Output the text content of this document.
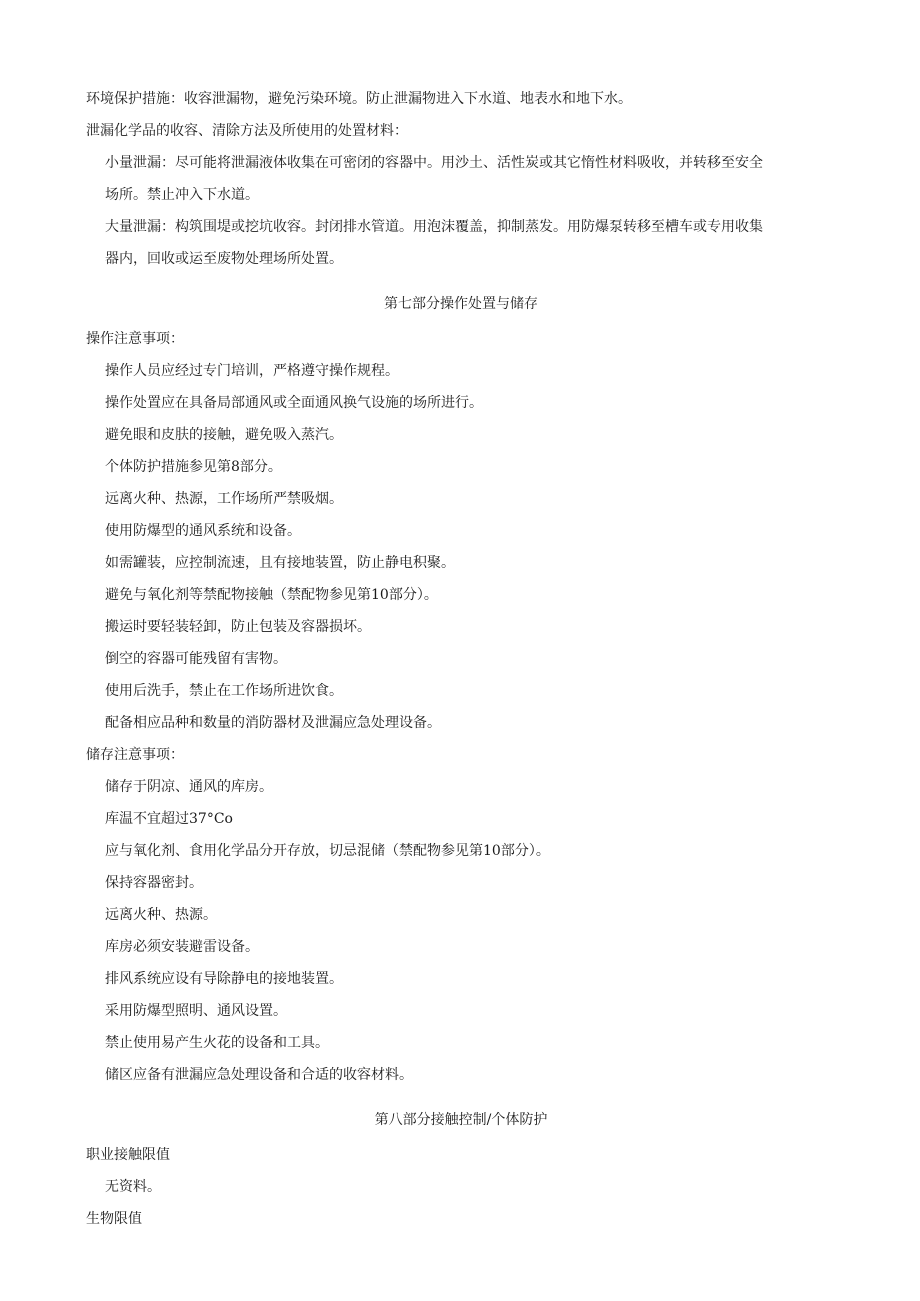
环境保护措施：收容泄漏物，避免污染环境。防止泄漏物进入下水道、地表水和地下水。
泄漏化学品的收容、清除方法及所使用的处置材料：
小量泄漏：尽可能将泄漏液体收集在可密闭的容器中。用沙土、活性炭或其它惰性材料吸收，并转移至安全
场所。禁止冲入下水道。
大量泄漏：构筑围堤或挖坑收容。封闭排水管道。用泡沫覆盖，抑制蒸发。用防爆泵转移至槽车或专用收集
器内，回收或运至废物处理场所处置。
第七部分操作处置与储存
操作注意事项：
操作人员应经过专门培训，严格遵守操作规程。
操作处置应在具备局部通风或全面通风换气设施的场所进行。
避免眼和皮肤的接触，避免吸入蒸汽。
个体防护措施参见第8部分。
远离火种、热源，工作场所严禁吸烟。
使用防爆型的通风系统和设备。
如需罐装，应控制流速，且有接地装置，防止静电积聚。
避免与氧化剂等禁配物接触（禁配物参见第10部分）。
搬运时要轻装轻卸，防止包装及容器损坏。
倒空的容器可能残留有害物。
使用后洗手，禁止在工作场所进饮食。
配备相应品种和数量的消防器材及泄漏应急处理设备。
储存注意事项：
储存于阴凉、通风的库房。
库温不宜超过37°Co
应与氧化剂、食用化学品分开存放，切忌混储（禁配物参见第10部分）。
保持容器密封。
远离火种、热源。
库房必须安装避雷设备。
排风系统应设有导除静电的接地装置。
采用防爆型照明、通风设置。
禁止使用易产生火花的设备和工具。
储区应备有泄漏应急处理设备和合适的收容材料。
第八部分接触控制/个体防护
职业接触限值
无资料。
生物限值
